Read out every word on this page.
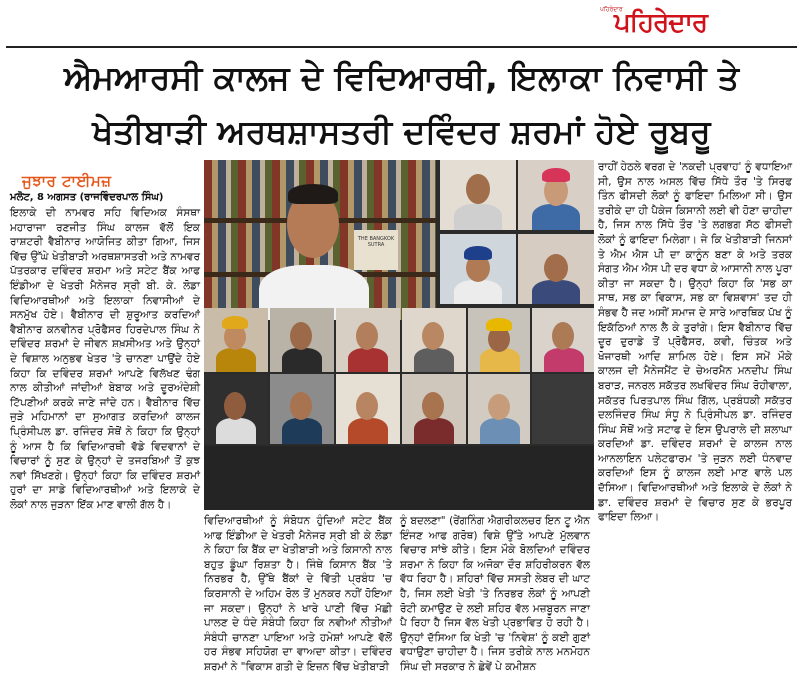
ਪਹਿਰੇਦਾਰ
ਪਹਿਰੇਦਾਰ
ਐਮਆਰਸੀ ਕਾਲਜ ਦੇ ਵਿਦਿਆਰਥੀ, ਇਲਾਕਾ ਨਿਵਾਸੀ ਤੇ
ਖੇਤੀਬਾੜੀ ਅਰਥਸ਼ਾਸਤਰੀ ਦਵਿੰਦਰ ਸ਼ਰਮਾਂ ਹੋਏ ਰੂਬਰੂ
ਜੁਝਾਰ ਟਾਈਮਜ਼
ਮਲੋਟ, 8 ਅਗਸਤ (ਰਾਜਵਿੰਦਰਪਾਲ ਸਿੰਘ)

ਇਲਾਕੇ ਦੀ ਨਾਮਵਰ ਸਹਿ ਵਿਦਿਅਕ ਸੰਸਥਾ ਮਹਾਰਾਜਾ ਰਣਜੀਤ ਸਿੰਘ ਕਾਲਜ ਵੱਲੋਂ ਇਕ ਰਾਸ਼ਟਰੀ ਵੈਬੀਨਾਰ ਆਯੋਜਿਤ ਕੀਤਾ ਗਿਆ, ਜਿਸ ਵਿੱਚ ਉੱਘੇ ਖੇਤੀਬਾੜੀ ਅਰਥਸ਼ਾਸਤਰੀ ਅਤੇ ਨਾਮਵਰ ਪੱਤਰਕਾਰ ਦਵਿੰਦਰ ਸ਼ਰਮਾ ਅਤੇ ਸਟੇਟ ਬੈਂਕ ਆਫ ਇੰਡੀਆ ਦੇ ਖੇਤਰੀ ਮੈਨੇਜਰ ਸ੍ਰੀ ਬੀ. ਕੇ. ਲੋਡਾ ਵਿਦਿਆਰਥੀਆਂ ਅਤੇ ਇਲਾਕਾ ਨਿਵਾਸੀਆਂ ਦੇ ਸਨਮੁੱਖ ਹੋਏ। ਵੈਬੀਨਾਰ ਦੀ ਸ਼ੁਰੂਆਤ ਕਰਦਿਆਂ ਵੈਬੀਨਾਰ ਕਨਵੀਨਰ ਪ੍ਰੋਫੈਸਰ ਹਿਰਦੇਪਾਲ ਸਿੰਘ ਨੇ ਦਵਿੰਦਰ ਸ਼ਰਮਾਂ ਦੇ ਜੀਵਨ ਸ਼ਖ਼ਸੀਅਤ ਅਤੇ ਉਨ੍ਹਾਂ ਦੇ ਵਿਸ਼ਾਲ ਅਨੁਭਵ ਖੇਤਰ 'ਤੇ ਚਾਨਣਾ ਪਾਉਂਦੇ ਹੋਏ ਕਿਹਾ ਕਿ ਦਵਿੰਦਰ ਸ਼ਰਮਾਂ ਆਪਣੇ ਵਿਲੱਖਣ ਢੰਗ ਨਾਲ ਕੀਤੀਆਂ ਜਾਂਦੀਆਂ ਬੇਬਾਕ ਅਤੇ ਦੂਰਅੰਦੇਸ਼ੀ ਟਿੱਪਣੀਆਂ ਕਰਕੇ ਜਾਣੇ ਜਾਂਦੇ ਹਨ। ਵੈਬੀਨਾਰ ਵਿੱਚ ਜੁੜੇ ਮਹਿਮਾਨਾਂ ਦਾ ਸੁਆਗਤ ਕਰਦਿਆਂ ਕਾਲਜ ਪ੍ਰਿੰਸੀਪਲ ਡਾ. ਰਜਿੰਦਰ ਸੋਥੋਂ ਨੇ ਕਿਹਾ ਕਿ ਉਨ੍ਹਾਂ ਨੂੰ ਆਸ ਹੈ ਕਿ ਵਿਦਿਆਰਥੀ ਵੱਡੇ ਵਿਦਵਾਨਾਂ ਦੇ ਵਿਚਾਰਾਂ ਨੂੰ ਸੁਣ ਕੇ ਉਨ੍ਹਾਂ ਦੇ ਤਜਰਬਿਆਂ ਤੋਂ ਕੁਝ ਨਵਾਂ ਸਿੱਖਣਗੇ। ਉਨ੍ਹਾਂ ਕਿਹਾ ਕਿ ਦਵਿੰਦਰ ਸ਼ਰਮਾਂ ਹੁਰਾਂ ਦਾ ਸਾਡੇ ਵਿਦਿਆਰਥੀਆਂ ਅਤੇ ਇਲਾਕੇ ਦੇ ਲੋਕਾਂ ਨਾਲ ਜੁੜਨਾ ਇੱਕ ਮਾਣ ਵਾਲੀ ਗੱਲ ਹੈ।

THE BANGKOK SUTRA

ਵਿਦਿਆਰਥੀਆਂ ਨੂੰ ਸੰਬੋਧਨ ਹੁੰਦਿਆਂ ਸਟੇਟ ਬੈਂਕ ਆਫ ਇੰਡੀਆ ਦੇ ਖੇਤਰੀ ਮੈਨੇਜਰ ਸ੍ਰੀ ਬੀ ਕੇ ਲੋਡਾ ਨੇ ਕਿਹਾ ਕਿ ਬੈਂਕ ਦਾ ਖੇਤੀਬਾੜੀ ਅਤੇ ਕਿਸਾਨੀ ਨਾਲ ਬਹੁਤ ਡੂੰਘਾ ਰਿਸ਼ਤਾ ਹੈ। ਜਿੰਥੇ ਕਿਸਾਨ ਬੈਂਕ 'ਤੇ ਨਿਰਭਰ ਹੈ, ਉੱਥੇ ਬੈਂਕਾਂ ਦੇ ਵਿੱਤੀ ਪ੍ਰਬੰਧ 'ਚ ਕਿਰਸਾਨੀ ਦੇ ਅਹਿਮ ਰੋਲ ਤੋਂ ਮੁਨਕਰ ਨਹੀਂ ਹੋਇਆ ਜਾ ਸਕਦਾ। ਉਨ੍ਹਾਂ ਨੇ ਖਾਰੇ ਪਾਣੀ ਵਿੱਚ ਮੱਛੀ ਪਾਲਣ ਦੇ ਧੰਦੇ ਸੰਬੰਧੀ ਕਿਹਾ ਕਿ ਨਵੀਆਂ ਨੀਤੀਆਂ ਸੰਬੰਧੀ ਚਾਨਣਾ ਪਾਇਆ ਅਤੇ ਹਮੇਸ਼ਾਂ ਆਪਣੇ ਵੱਲੋਂ ਹਰ ਸੰਭਵ ਸਹਿਯੋਗ ਦਾ ਵਾਅਦਾ ਕੀਤਾ। ਦਵਿੰਦਰ ਸ਼ਰਮਾਂ ਨੇ "ਵਿਕਾਸ ਗਤੀ ਦੇ ਇਜ਼ਨ ਵਿੱਚ ਖੇਤੀਬਾੜੀ

ਨੂੰ ਬਦਲਣਾ" (ਰੇਂਗਨਿੰਗ ਐਗਰੀਕਲਚਰ ਇਨ ਟੂ ਐਨ ਇੰਜਣ ਆਫ ਗਰੋਥ) ਵਿਸ਼ੇ ਉੱਤੇ ਆਪਣੇ ਮੁੱਲਵਾਨ ਵਿਚਾਰ ਸਾਂਝੇ ਕੀਤੇ। ਇਸ ਮੌਕੇ ਬੋਲਦਿਆਂ ਦਵਿੰਦਰ ਸ਼ਰਮਾ ਨੇ ਕਿਹਾ ਕਿ ਅਜੋਕਾ ਦੌਰ ਸ਼ਹਿਰੀਕਰਨ ਵੱਲ ਵੱਧ ਰਿਹਾ ਹੈ। ਸ਼ਹਿਰਾਂ ਵਿੱਚ ਸਸਤੀ ਲੇਬਰ ਦੀ ਘਾਟ ਹੈ, ਜਿਸ ਲਈ ਖੇਤੀ 'ਤੇ ਨਿਰਭਰ ਲੋਕਾਂ ਨੂੰ ਆਪਣੀ ਰੋਟੀ ਕਮਾਉਣ ਦੇ ਲਈ ਸ਼ਹਿਰ ਵੱਲ ਮਜ਼ਬੂਰਨ ਜਾਣਾ ਪੈ ਰਿਹਾ ਹੈ ਜਿਸ ਵੱਲ ਖੇਤੀ ਪ੍ਰਭਾਵਿਤ ਹੋ ਰਹੀ ਹੈ। ਉਨ੍ਹਾਂ ਦੱਸਿਆ ਕਿ ਖੇਤੀ 'ਚ 'ਨਿਵੇਸ਼' ਨੂੰ ਕਈ ਗੁਣਾਂ ਵਧਾਉਣਾ ਚਾਹੀਦਾ ਹੈ। ਜਿਸ ਤਰੀਕੇ ਨਾਲ ਮਨਮੋਹਨ ਸਿੰਘ ਦੀ ਸਰਕਾਰ ਨੇ ਛੇਵੇਂ ਪੇ ਕਮੀਸ਼ਨ

ਰਾਹੀਂ ਹੇਠਲੇ ਵਰਗ ਦੇ 'ਨਕਦੀ ਪ੍ਰਵਾਹ' ਨੂੰ ਵਧਾਇਆ ਸੀ, ਉਸ ਨਾਲ ਅਸਲ ਵਿੱਚ ਸਿੱਧੇ ਤੌਰ 'ਤੇ ਸਿਰਫ ਤਿੰਨ ਫੀਸਦੀ ਲੋਕਾਂ ਨੂੰ ਫਾਇਦਾ ਮਿਲਿਆ ਸੀ। ਉਸ ਤਰੀਕੇ ਦਾ ਹੀ ਪੈਕੇਜ ਕਿਸਾਨੀ ਲਈ ਵੀ ਹੋਣਾ ਚਾਹੀਦਾ ਹੈ, ਜਿਸ ਨਾਲ ਸਿੱਧੇ ਤੌਰ 'ਤੇ ਲਗਭਗ ਸੱਠ ਫੀਸਦੀ ਲੋਕਾਂ ਨੂੰ ਫਾਇਦਾ ਮਿਲੇਗਾ। ਜੇ ਕਿ ਖੇਤੀਬਾੜੀ ਜਿਨਸਾਂ ਤੇ ਐਮ ਐਸ ਪੀ ਦਾ ਕਾਨੂੰਨ ਬਣਾ ਕੇ ਅਤੇ ਤਰਕ ਸੰਗਤ ਐਮ ਐਸ ਪੀ ਦਰ ਵਧਾ ਕੇ ਆਸਾਨੀ ਨਾਲ ਪੂਰਾ ਕੀਤਾ ਜਾ ਸਕਦਾ ਹੈ। ਉਨ੍ਹਾਂ ਕਿਹਾ ਕਿ 'ਸਭ ਕਾ ਸਾਥ, ਸਭ ਕਾ ਵਿਕਾਸ, ਸਭ ਕਾ ਵਿਸ਼ਵਾਸ' ਤਦ ਹੀ ਸੰਭਵ ਹੈ ਜਦ ਅਸੀਂ ਸਮਾਜ ਦੇ ਸਾਰੇ ਆਰਥਿਕ ਪੱਖ ਨੂੰ ਇਕੱਠਿਆਂ ਨਾਲ ਲੈ ਕੇ ਤੁਰਾਂਗੇ। ਇਸ ਵੈਬੀਨਾਰ ਵਿੱਚ ਦੂਰ ਦੁਰਾਡੇ ਤੋਂ ਪ੍ਰੋਫੈਸਰ, ਕਵੀ, ਚਿੰਤਕ ਅਤੇ ਖੋਜਾਰਥੀ ਆਦਿ ਸ਼ਾਮਿਲ ਹੋਏ। ਇਸ ਸਮੇਂ ਮੌਕੇ ਕਾਲਜ ਦੀ ਮੈਨੇਜਮੈਂਟ ਦੇ ਚੇਅਰਮੈਨ ਮਨਦੀਪ ਸਿੰਘ ਬਰਾੜ, ਜਨਰਲ ਸਕੱਤਰ ਲਖਵਿੰਦਰ ਸਿੰਘ ਰੋਹੀਵਾਲਾ, ਸਕੱਤਰ ਪਿਰਤਪਾਲ ਸਿੰਘ ਗਿੱਲ, ਪ੍ਰਬੰਧਕੀ ਸਕੱਤਰ ਦਲਜਿੰਦਰ ਸਿੰਘ ਸੰਧੂ ਨੇ ਪ੍ਰਿੰਸੀਪਲ ਡਾ. ਰਜਿੰਦਰ ਸਿੰਘ ਸੋਥੋਂ ਅਤੇ ਸਟਾਫ ਦੇ ਇਸ ਉਪਰਾਲੇ ਦੀ ਸ਼ਲਾਘਾ ਕਰਦਿਆਂ ਡਾ. ਦਵਿੰਦਰ ਸ਼ਰਮਾਂ ਦੇ ਕਾਲਜ ਨਾਲ ਆਨਲਾਇਨ ਪਲੇਟਫਾਰਮ 'ਤੇ ਜੁੜਨ ਲਈ ਧੰਨਵਾਦ ਕਰਦਿਆਂ ਇਸ ਨੂੰ ਕਾਲਜ ਲਈ ਮਾਣ ਵਾਲੇ ਪਲ ਦੱਸਿਆ। ਵਿਦਿਆਰਥੀਆਂ ਅਤੇ ਇਲਾਕੇ ਦੇ ਲੋਕਾਂ ਨੇ ਡਾ. ਦਵਿੰਦਰ ਸ਼ਰਮਾਂ ਦੇ ਵਿਚਾਰ ਸੁਣ ਕੇ ਭਰਪੂਰ ਫਾਇਦਾ ਲਿਆ।
